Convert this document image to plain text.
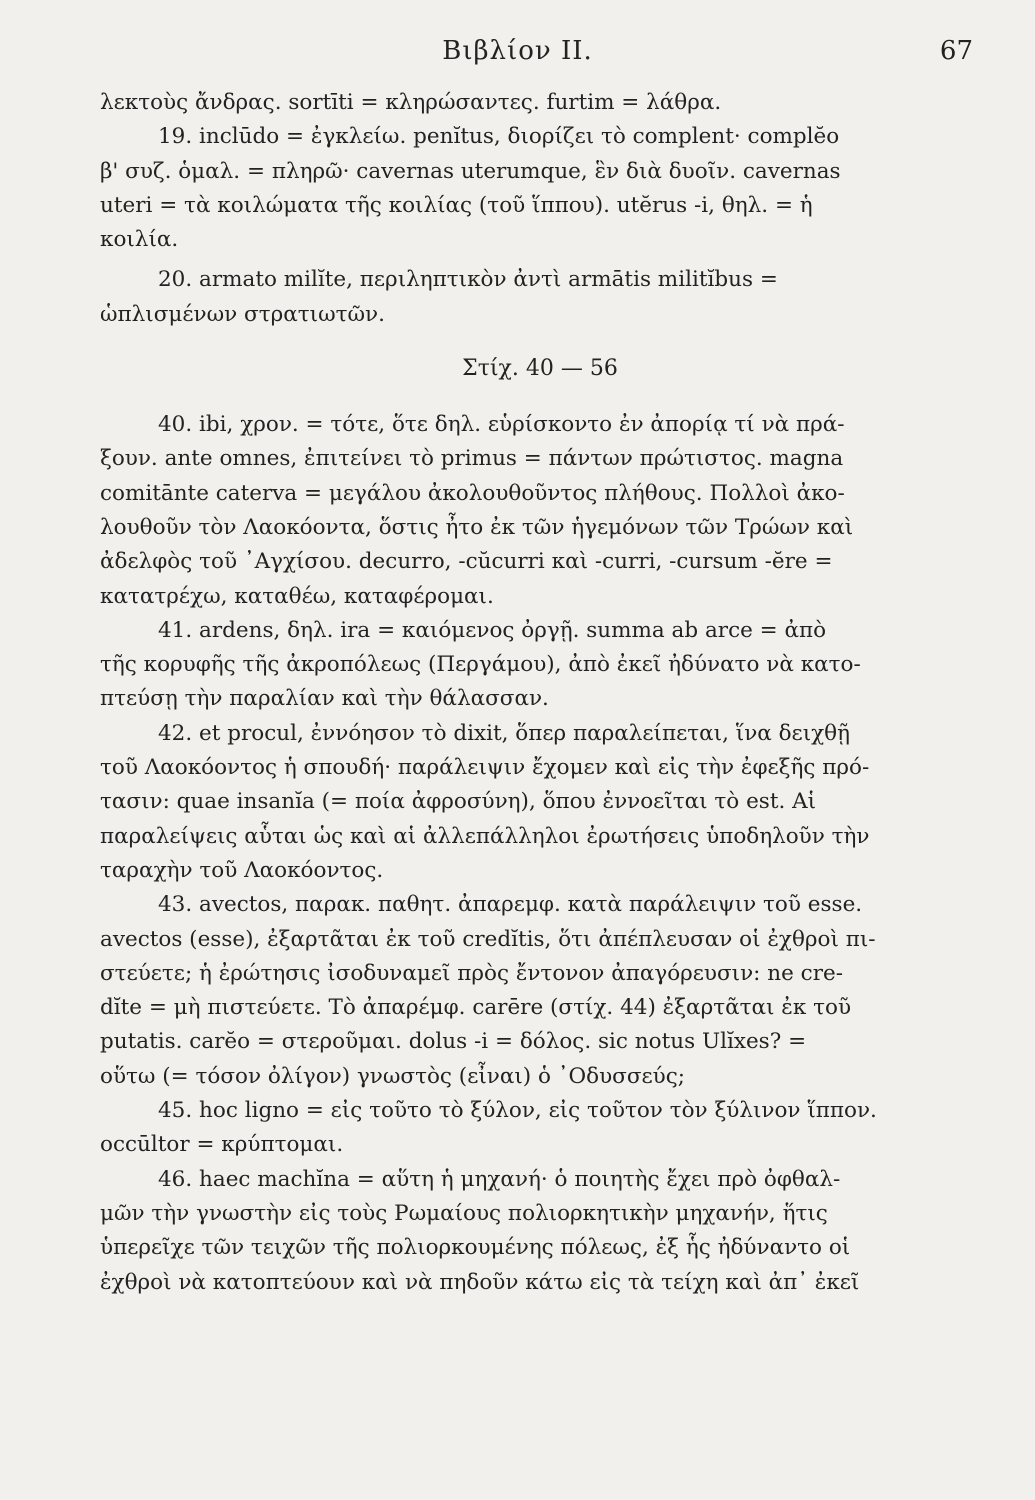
Βιβλίον II.	67
λεκτοὺς ἄνδρας. sortīti = κληρώσαντες. furtim = λάθρα.
19. inclūdo = ἐγκλείω. penĭtus, διορίζει τὸ complent· complĕo
β' συζ. ὁμαλ. = πληρῶ· cavernas uterumque, ἓν διὰ δυοῖν. cavernas
uteri = τὰ κοιλώματα τῆς κοιλίας (τοῦ ἵππου). utĕrus -i, θηλ. = ἡ
κοιλία.
20. armato milĭte, περιληπτικὸν ἀντὶ armātis militĭbus =
ὡπλισμένων στρατιωτῶν.
Στίχ. 40 — 56
40. ibi, χρον. = τότε, ὅτε δηλ. εὑρίσκοντο ἐν ἀπορίᾳ τί νὰ πρά-
ξουν. ante omnes, ἐπιτείνει τὸ primus = πάντων πρώτιστος. magna
comitānte caterva = μεγάλου ἀκολουθοῦντος πλήθους. Πολλοὶ ἀκο-
λουθοῦν τὸν Λαοκόοντα, ὅστις ἦτο ἐκ τῶν ἡγεμόνων τῶν Τρώων καὶ
ἀδελφὸς τοῦ ᾿Αγχίσου. decurro, -cŭcurri καὶ -curri, -cursum -ĕre =
κατατρέχω, καταθέω, καταφέρομαι.
41. ardens, δηλ. ira = καιόμενος ὀργῇ. summa ab arce = ἀπὸ
τῆς κορυφῆς τῆς ἀκροπόλεως (Περγάμου), ἀπὸ ἐκεῖ ἠδύνατο νὰ κατο-
πτεύσῃ τὴν παραλίαν καὶ τὴν θάλασσαν.
42. et procul, ἐννόησον τὸ dixit, ὅπερ παραλείπεται, ἵνα δειχθῇ
τοῦ Λαοκόοντος ἡ σπουδή· παράλειψιν ἔχομεν καὶ εἰς τὴν ἐφεξῆς πρό-
τασιν: quae insanĭa (= ποία ἀφροσύνη), ὅπου ἐννοεῖται τὸ est. Αἱ
παραλείψεις αὗται ὡς καὶ αἱ ἀλλεπάλληλοι ἐρωτήσεις ὑποδηλοῦν τὴν
ταραχὴν τοῦ Λαοκόοντος.
43. avectos, παρακ. παθητ. ἀπαρεμφ. κατὰ παράλειψιν τοῦ esse.
avectos (esse), ἐξαρτᾶται ἐκ τοῦ credĭtis, ὅτι ἀπέπλευσαν οἱ ἐχθροὶ πι-
στεύετε; ἡ ἐρώτησις ἰσοδυναμεῖ πρὸς ἔντονον ἀπαγόρευσιν: ne cre-
dĭte = μὴ πιστεύετε. Τὸ ἀπαρέμφ. carēre (στίχ. 44) ἐξαρτᾶται ἐκ τοῦ
putatis. carĕo = στεροῦμαι. dolus -i = δόλος. sic notus Ulĭxes? =
οὕτω (= τόσον ὀλίγον) γνωστὸς (εἶναι) ὁ ᾿Οδυσσεύς;
45. hoc ligno = εἰς τοῦτο τὸ ξύλον, εἰς τοῦτον τὸν ξύλινον ἵππον.
occūltor = κρύπτομαι.
46. haec machĭna = αὕτη ἡ μηχανή· ὁ ποιητὴς ἔχει πρὸ ὀφθαλ-
μῶν τὴν γνωστὴν εἰς τοὺς Ρωμαίους πολιορκητικὴν μηχανήν, ἥτις
ὑπερεῖχε τῶν τειχῶν τῆς πολιορκουμένης πόλεως, ἐξ ἧς ἠδύναντο οἱ
ἐχθροὶ νὰ κατοπτεύουν καὶ νὰ πηδοῦν κάτω εἰς τὰ τείχη καὶ ἀπ᾿ ἐκεῖ
